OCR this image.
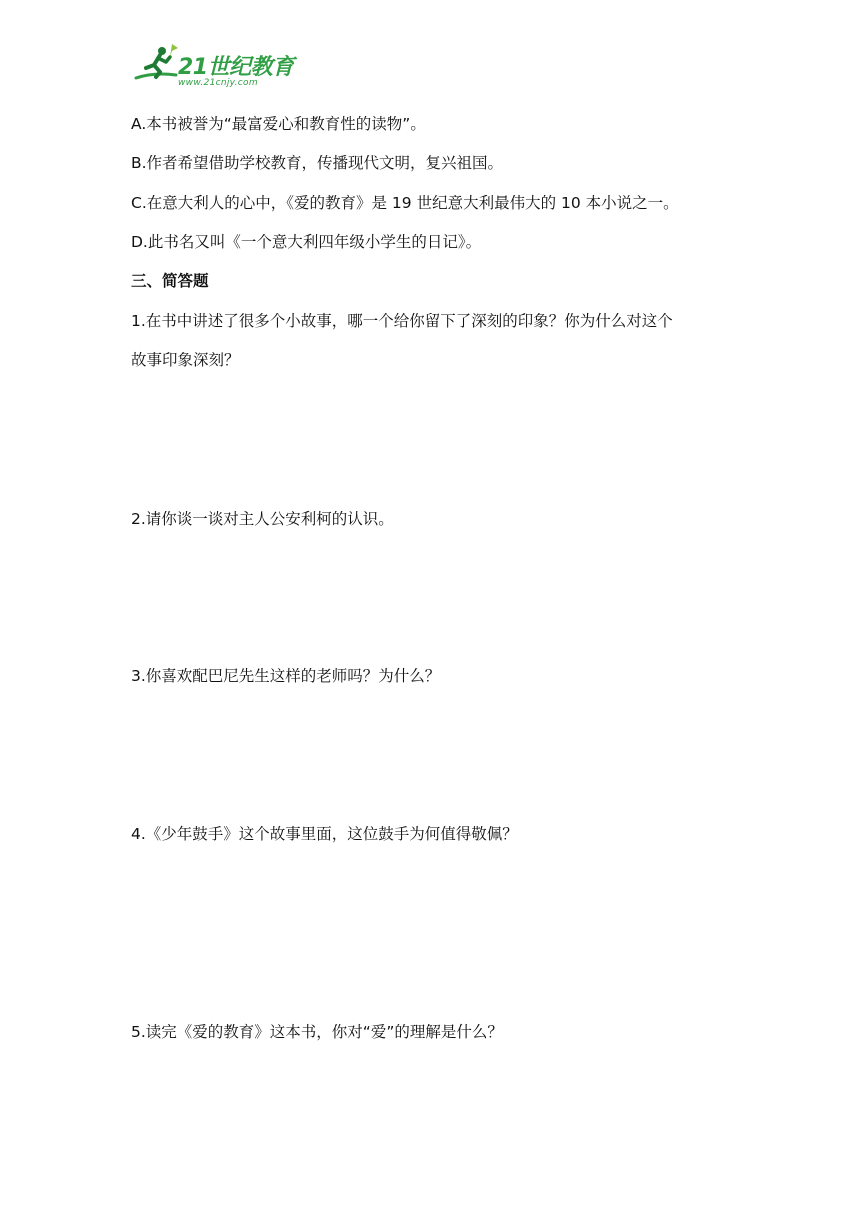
21世纪教育
www.21cnjy.com
A.本书被誉为“最富爱心和教育性的读物”。
B.作者希望借助学校教育，传播现代文明，复兴祖国。
C.在意大利人的心中，《爱的教育》是 19 世纪意大利最伟大的 10 本小说之一。
D.此书名又叫《一个意大利四年级小学生的日记》。
三、简答题
1.在书中讲述了很多个小故事，哪一个给你留下了深刻的印象？你为什么对这个
故事印象深刻？
2.请你谈一谈对主人公安利柯的认识。
3.你喜欢配巴尼先生这样的老师吗？为什么？
4.《少年鼓手》这个故事里面，这位鼓手为何值得敬佩？
5.读完《爱的教育》这本书，你对“爱”的理解是什么？
